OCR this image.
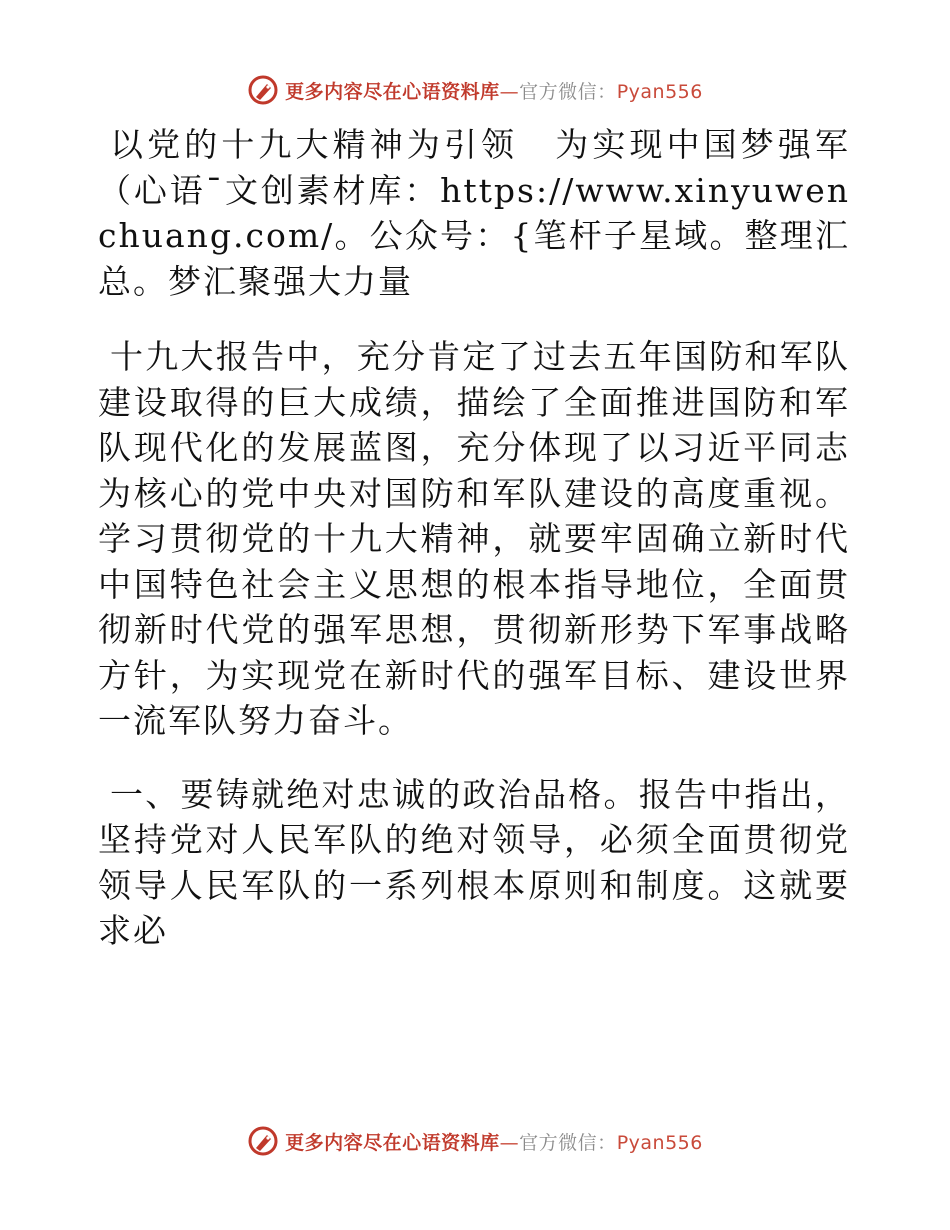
更多内容尽在心语资料库—官方微信：Pyan556

以党的十九大精神为引领　为实现中国梦强军（心语¯文创素材库：https://www.xinyuwenchuang.com/。公众号：{笔杆子星域。整理汇总。梦汇聚强大力量

十九大报告中，充分肯定了过去五年国防和军队建设取得的巨大成绩，描绘了全面推进国防和军队现代化的发展蓝图，充分体现了以习近平同志为核心的党中央对国防和军队建设的高度重视。学习贯彻党的十九大精神，就要牢固确立新时代中国特色社会主义思想的根本指导地位，全面贯彻新时代党的强军思想，贯彻新形势下军事战略方针，为实现党在新时代的强军目标、建设世界一流军队努力奋斗。

一、要铸就绝对忠诚的政治品格。报告中指出，坚持党对人民军队的绝对领导，必须全面贯彻党领导人民军队的一系列根本原则和制度。这就要求必

更多内容尽在心语资料库—官方微信：Pyan556
